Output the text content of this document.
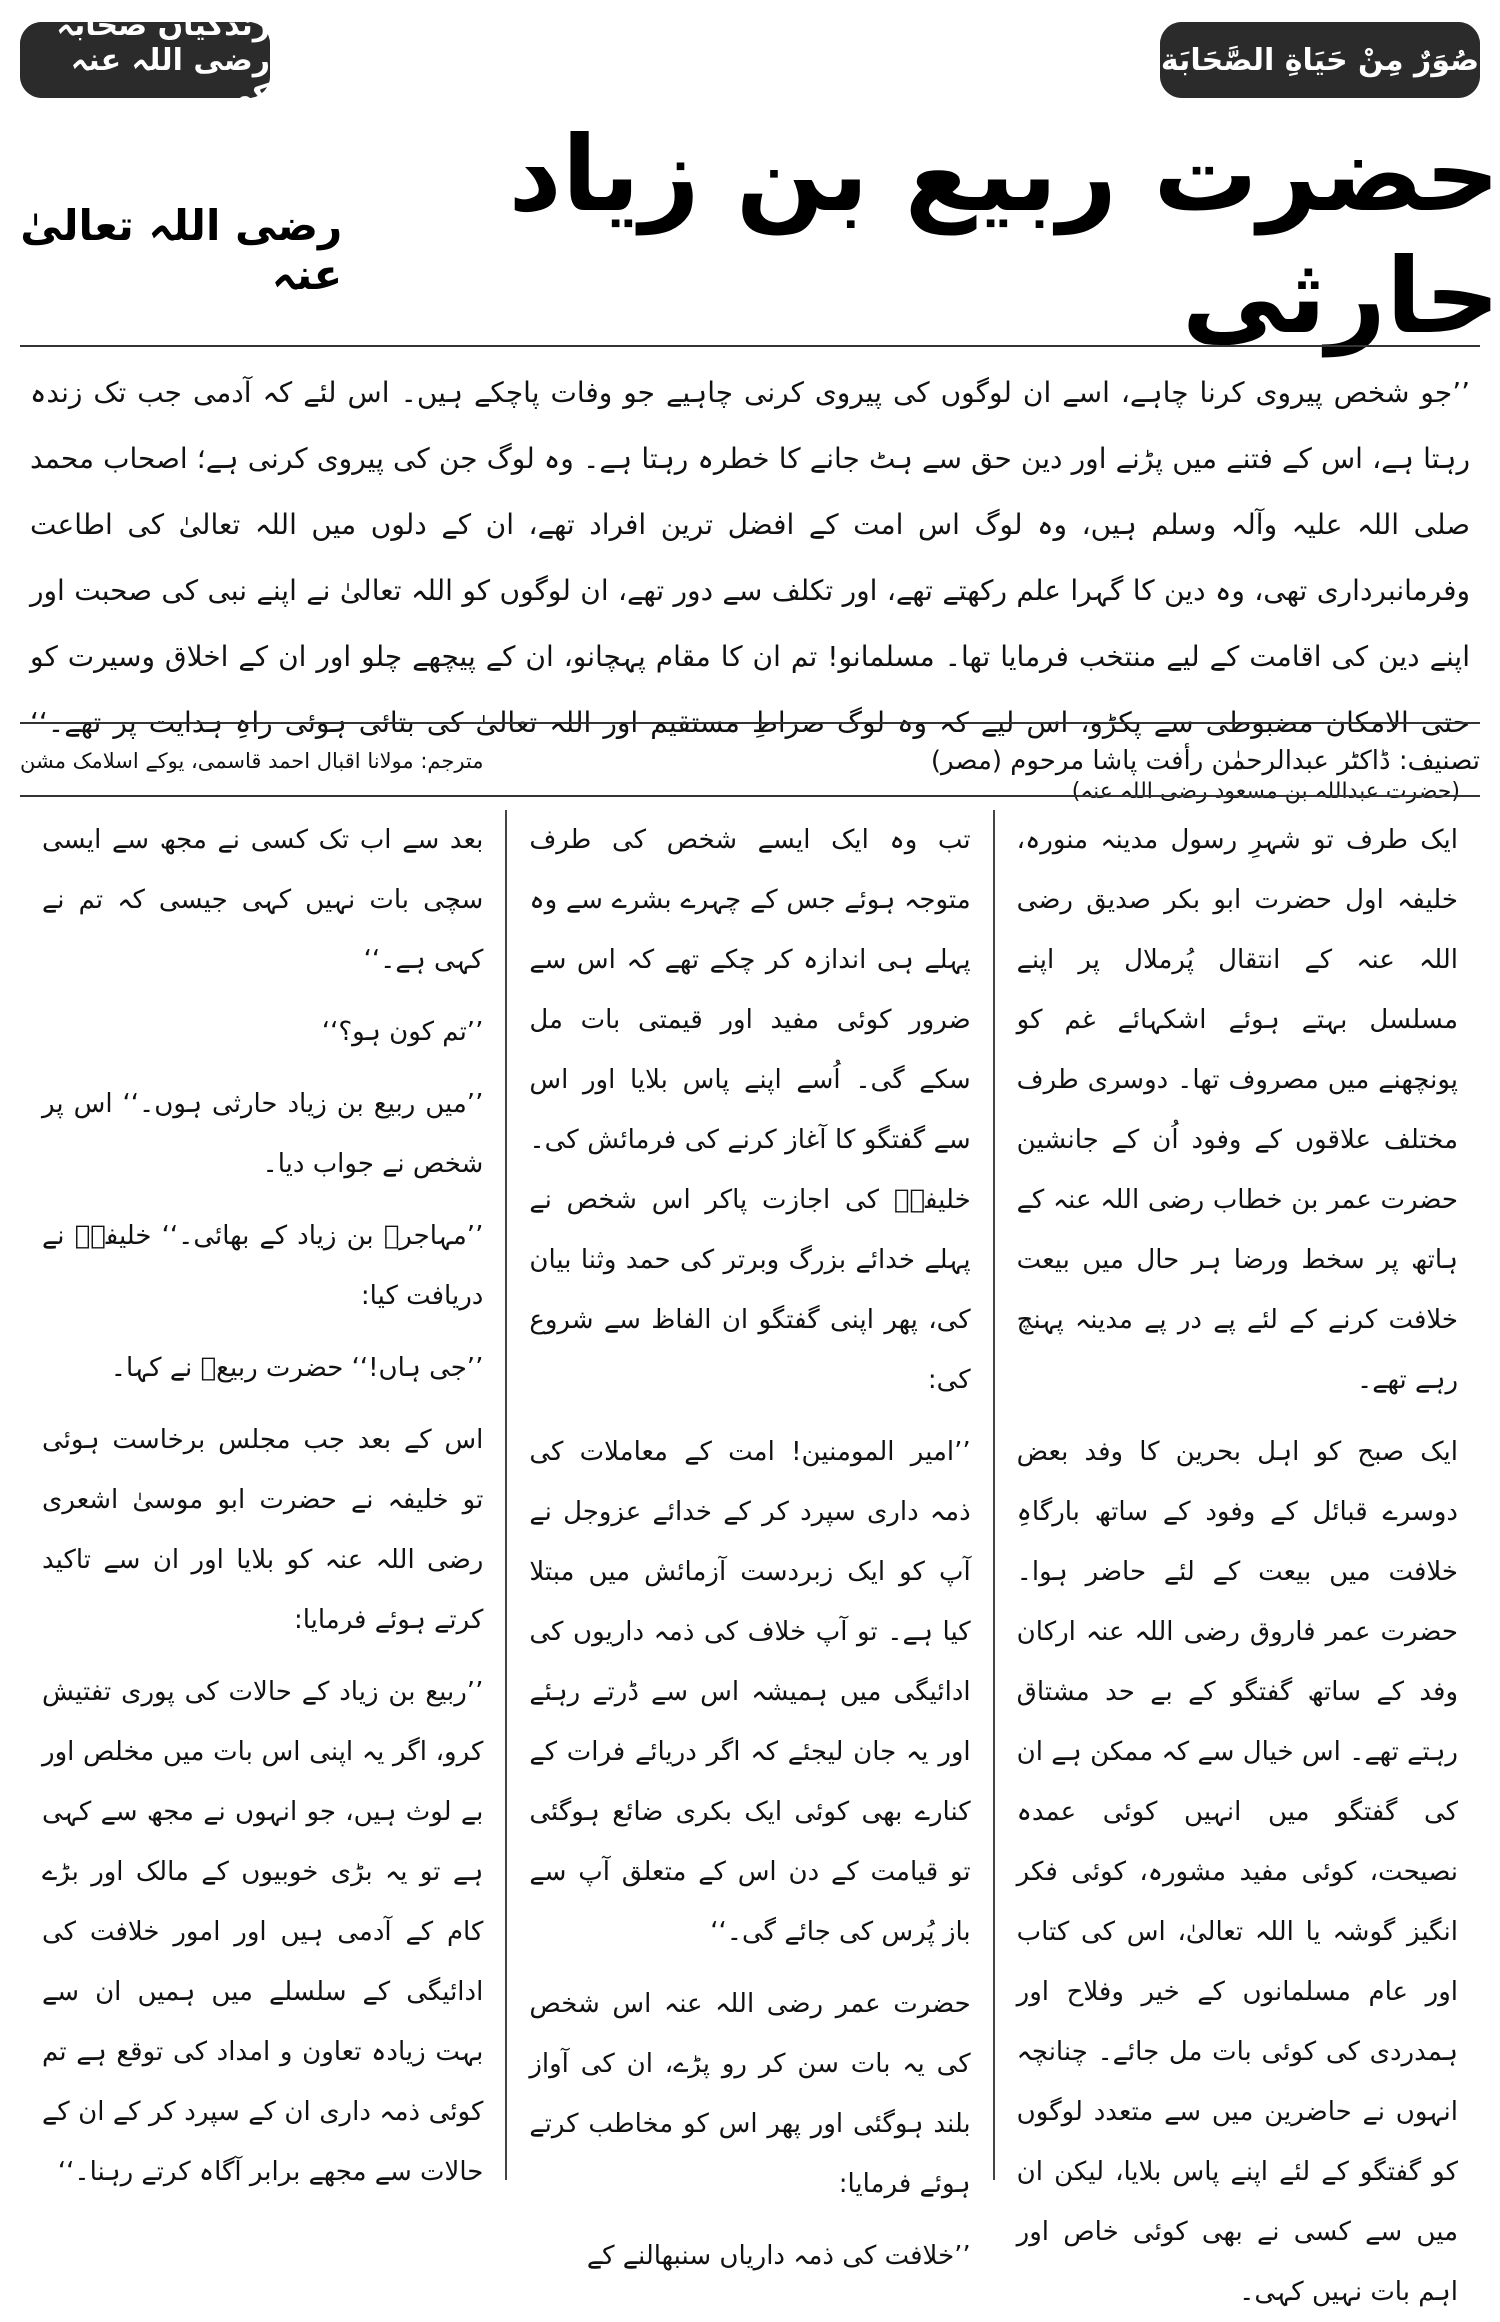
صُوَرٌ مِنْ حَيَاةِ الصَّحَابَة
زندگیاں صحابہ رضی اللہ عنہ کی
حضرت ربیع بن زیاد حارثی
رضی اللہ تعالیٰ عنہ
’’جو شخص پیروی کرنا چاہے، اسے ان لوگوں کی پیروی کرنی چاہیے جو وفات پاچکے ہیں۔ اس لئے کہ آدمی جب تک زندہ رہتا ہے، اس کے فتنے میں پڑنے اور دین حق سے ہٹ جانے کا خطرہ رہتا ہے۔ وہ لوگ جن کی پیروی کرنی ہے؛ اصحاب محمد صلی اللہ علیہ وآلہ وسلم ہیں، وہ لوگ اس امت کے افضل ترین افراد تھے، ان کے دلوں میں اللہ تعالیٰ کی اطاعت وفرمانبرداری تھی، وہ دین کا گہرا علم رکھتے تھے، اور تکلف سے دور تھے، ان لوگوں کو اللہ تعالیٰ نے اپنے نبی کی صحبت اور اپنے دین کی اقامت کے لیے منتخب فرمایا تھا۔ مسلمانو! تم ان کا مقام پہچانو، ان کے پیچھے چلو اور ان کے اخلاق وسیرت کو حتی الامکان مضبوطی سے پکڑو، اس لیے کہ وہ لوگ صراطِ مستقیم اور اللہ تعالیٰ کی بتائی ہوئی راہِ ہدایت پر تھے۔‘‘ (حضرت عبداللہ بن مسعود رضی اللہ عنہ)
تصنیف: ڈاکٹر عبدالرحمٰن رأفت پاشا مرحوم (مصر)
مترجم: مولانا اقبال احمد قاسمی، یوکے اسلامک مشن

ایک طرف تو شہرِ رسول مدینہ منورہ، خلیفہ اول حضرت ابو بکر صدیق رضی اللہ عنہ کے انتقال پُرملال پر اپنے مسلسل بہتے ہوئے اشکہائے غم کو پونچھنے میں مصروف تھا۔ دوسری طرف مختلف علاقوں کے وفود اُن کے جانشین حضرت عمر بن خطاب رضی اللہ عنہ کے ہاتھ پر سخط ورضا ہر حال میں بیعت خلافت کرنے کے لئے پے در پے مدینہ پہنچ رہے تھے۔

ایک صبح کو اہل بحرین کا وفد بعض دوسرے قبائل کے وفود کے ساتھ بارگاہِ خلافت میں بیعت کے لئے حاضر ہوا۔ حضرت عمر فاروق رضی اللہ عنہ ارکان وفد کے ساتھ گفتگو کے بے حد مشتاق رہتے تھے۔ اس خیال سے کہ ممکن ہے ان کی گفتگو میں انہیں کوئی عمدہ نصیحت، کوئی مفید مشورہ، کوئی فکر انگیز گوشہ یا اللہ تعالیٰ، اس کی کتاب اور عام مسلمانوں کے خیر وفلاح اور ہمدردی کی کوئی بات مل جائے۔ چنانچہ انہوں نے حاضرین میں سے متعدد لوگوں کو گفتگو کے لئے اپنے پاس بلایا، لیکن ان میں سے کسی نے بھی کوئی خاص اور اہم بات نہیں کہی۔

تب وہ ایک ایسے شخص کی طرف متوجہ ہوئے جس کے چہرے بشرے سے وہ پہلے ہی اندازہ کر چکے تھے کہ اس سے ضرور کوئی مفید اور قیمتی بات مل سکے گی۔ اُسے اپنے پاس بلایا اور اس سے گفتگو کا آغاز کرنے کی فرمائش کی۔ خلیفہؓ کی اجازت پاکر اس شخص نے پہلے خدائے بزرگ وبرتر کی حمد وثنا بیان کی، پھر اپنی گفتگو ان الفاظ سے شروع کی:

’’امیر المومنین! امت کے معاملات کی ذمہ داری سپرد کر کے خدائے عزوجل نے آپ کو ایک زبردست آزمائش میں مبتلا کیا ہے۔ تو آپ خلاف کی ذمہ داریوں کی ادائیگی میں ہمیشہ اس سے ڈرتے رہئے اور یہ جان لیجئے کہ اگر دریائے فرات کے کنارے بھی کوئی ایک بکری ضائع ہوگئی تو قیامت کے دن اس کے متعلق آپ سے باز پُرس کی جائے گی۔‘‘

حضرت عمر رضی اللہ عنہ اس شخص کی یہ بات سن کر رو پڑے، ان کی آواز بلند ہوگئی اور پھر اس کو مخاطب کرتے ہوئے فرمایا:

’’خلافت کی ذمہ داریاں سنبھالنے کے

بعد سے اب تک کسی نے مجھ سے ایسی سچی بات نہیں کہی جیسی کہ تم نے کہی ہے۔‘‘

’’تم کون ہو؟‘‘

’’میں ربیع بن زیاد حارثی ہوں۔‘‘ اس پر شخص نے جواب دیا۔

’’مہاجرؓ بن زیاد کے بھائی۔‘‘ خلیفہؓ نے دریافت کیا:

’’جی ہاں!‘‘ حضرت ربیعؓ نے کہا۔

اس کے بعد جب مجلس برخاست ہوئی تو خلیفہ نے حضرت ابو موسیٰ اشعری رضی اللہ عنہ کو بلایا اور ان سے تاکید کرتے ہوئے فرمایا:

’’ربیع بن زیاد کے حالات کی پوری تفتیش کرو، اگر یہ اپنی اس بات میں مخلص اور بے لوث ہیں، جو انہوں نے مجھ سے کہی ہے تو یہ بڑی خوبیوں کے مالک اور بڑے کام کے آدمی ہیں اور امور خلافت کی ادائیگی کے سلسلے میں ہمیں ان سے بہت زیادہ تعاون و امداد کی توقع ہے تم کوئی ذمہ داری ان کے سپرد کر کے ان کے حالات سے مجھے برابر آگاہ کرتے رہنا۔‘‘
